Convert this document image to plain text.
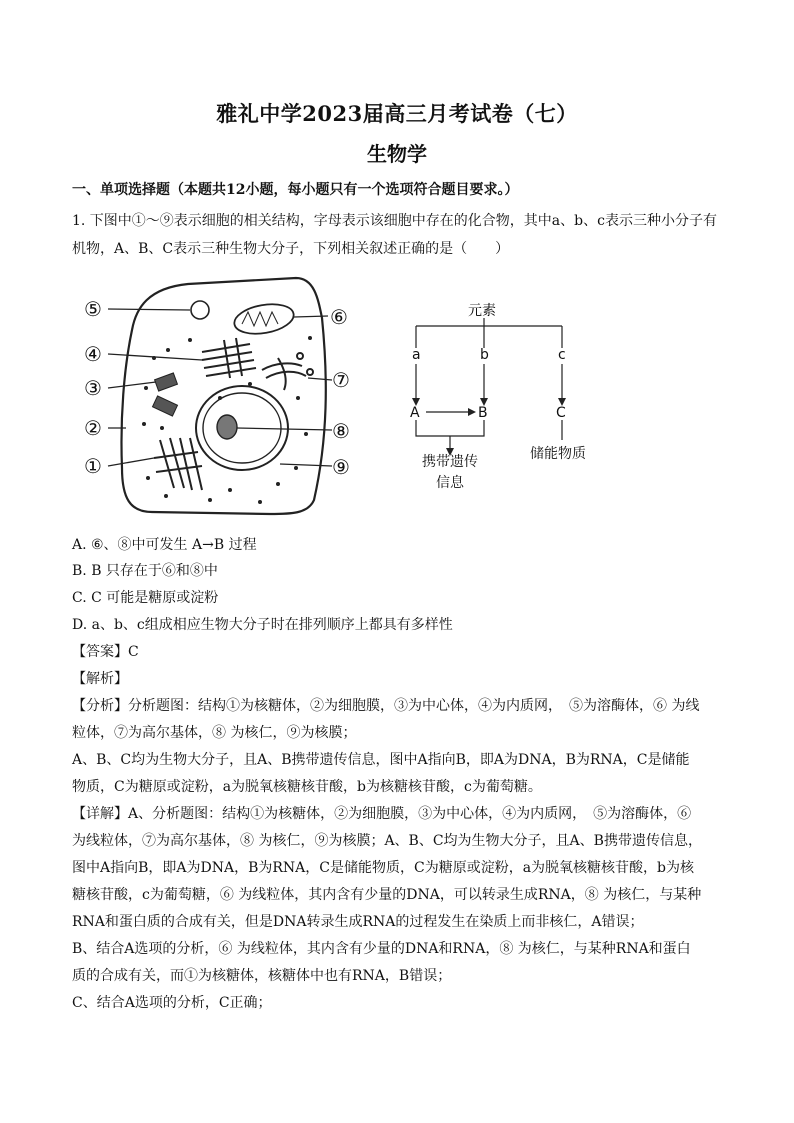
雅礼中学2023届高三月考试卷（七）
生物学
一、单项选择题（本题共12小题，每小题只有一个选项符合题目要求。）
1. 下图中①～⑨表示细胞的相关结构，字母表示该细胞中存在的化合物，其中a、b、c表示三种小分子有
机物，A、B、C表示三种生物大分子，下列相关叙述正确的是（　　）
⑤
④
③
②
①
⑥
⑦
⑧
⑨
元素
a	b	c
A	B	C
携带遗传
信息
储能物质
A. ⑥、⑧中可发生 A→B 过程
B. B 只存在于⑥和⑧中
C. C 可能是糖原或淀粉
D. a、b、c组成相应生物大分子时在排列顺序上都具有多样性
【答案】C
【解析】
【分析】分析题图：结构①为核糖体，②为细胞膜，③为中心体，④为内质网，　⑤为溶酶体，⑥ 为线
粒体，⑦为高尔基体，⑧ 为核仁，⑨为核膜；
A、B、C均为生物大分子，且A、B携带遗传信息，图中A指向B，即A为DNA，B为RNA，C是储能
物质，C为糖原或淀粉，a为脱氧核糖核苷酸，b为核糖核苷酸，c为葡萄糖。
【详解】A、分析题图：结构①为核糖体，②为细胞膜，③为中心体，④为内质网，　⑤为溶酶体，⑥
为线粒体，⑦为高尔基体，⑧ 为核仁，⑨为核膜；A、B、C均为生物大分子，且A、B携带遗传信息，
图中A指向B，即A为DNA，B为RNA，C是储能物质，C为糖原或淀粉，a为脱氧核糖核苷酸，b为核
糖核苷酸，c为葡萄糖，⑥ 为线粒体，其内含有少量的DNA，可以转录生成RNA，⑧ 为核仁，与某种
RNA和蛋白质的合成有关，但是DNA转录生成RNA的过程发生在染质上而非核仁，A错误；
B、结合A选项的分析，⑥ 为线粒体，其内含有少量的DNA和RNA，⑧ 为核仁，与某种RNA和蛋白
质的合成有关，而①为核糖体，核糖体中也有RNA，B错误；
C、结合A选项的分析，C正确；
